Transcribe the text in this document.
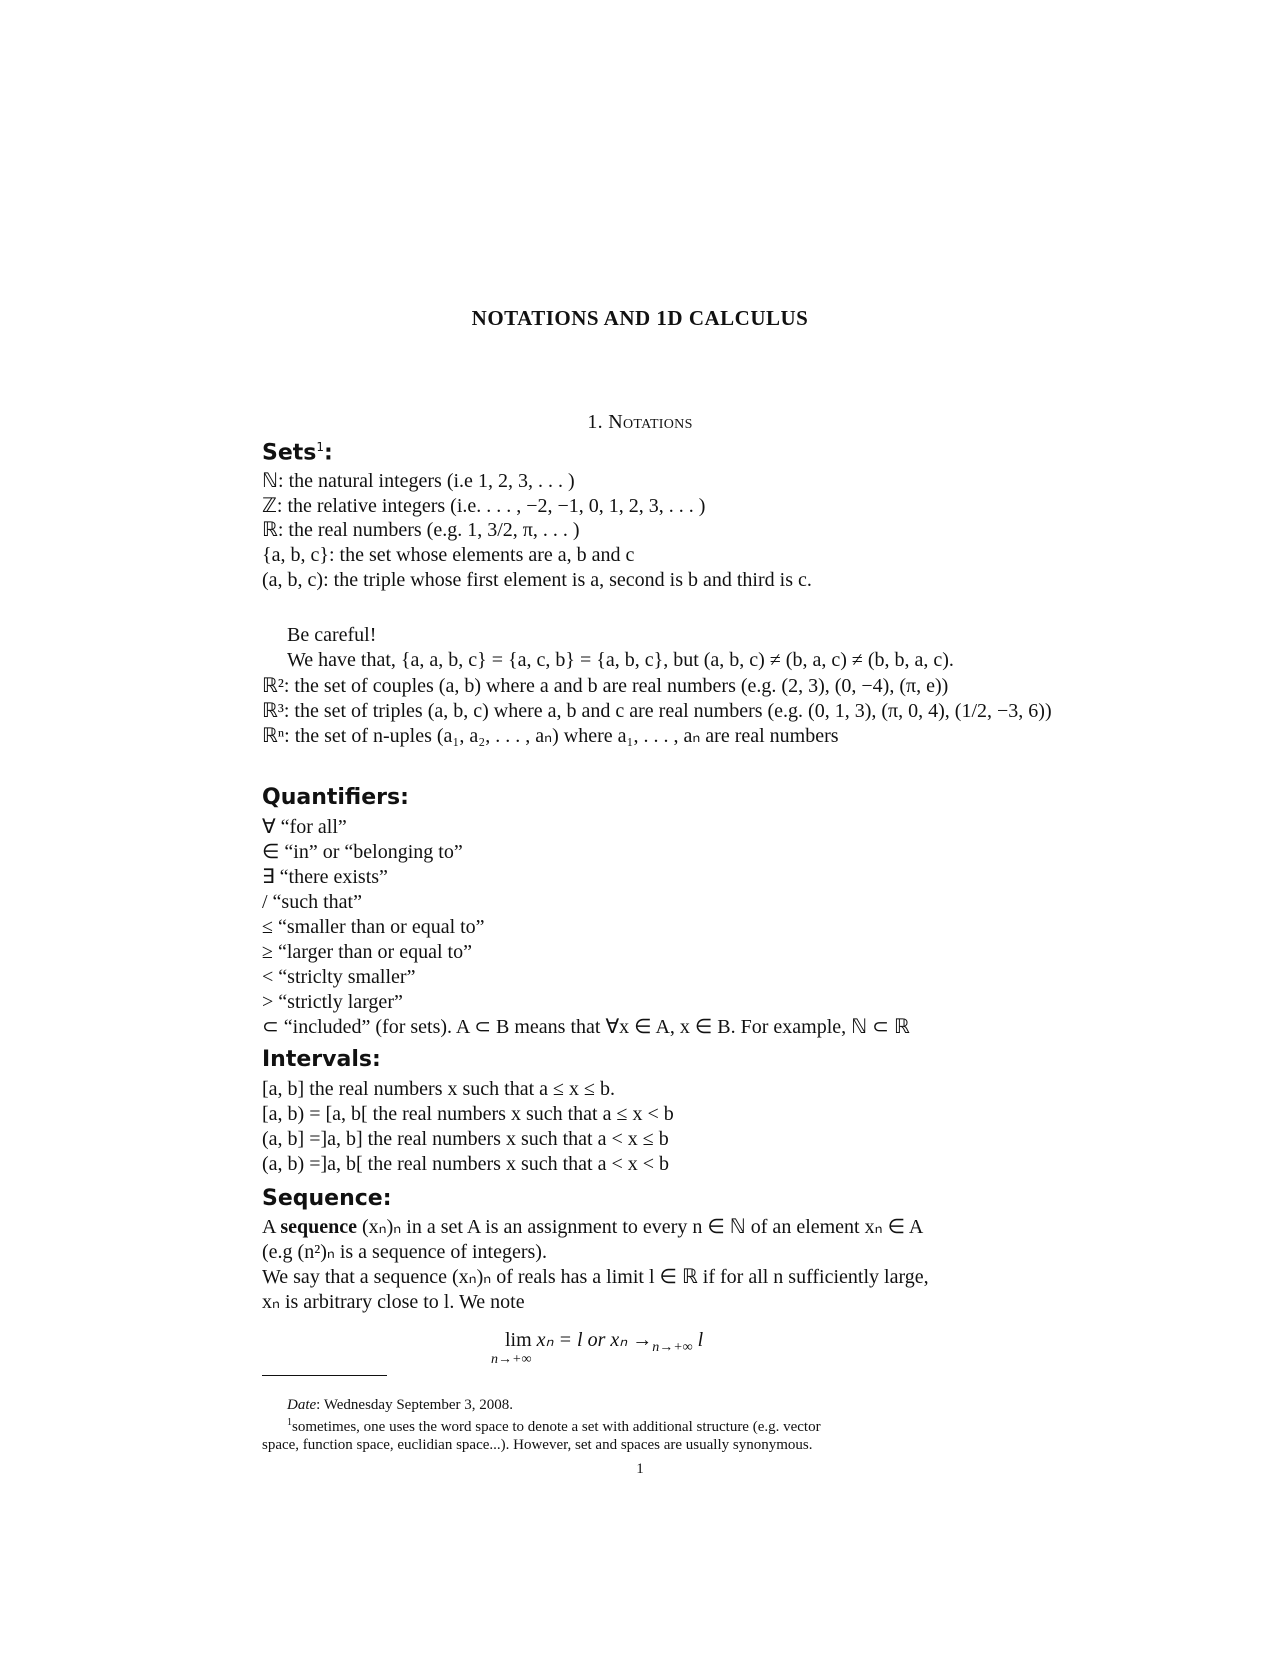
NOTATIONS AND 1D CALCULUS
1. Notations
Sets$^1$:
ℕ: the natural integers (i.e 1, 2, 3, . . . )
ℤ: the relative integers (i.e. . . . , −2, −1, 0, 1, 2, 3, . . . )
ℝ: the real numbers (e.g. 1, 3/2, π, . . . )
{a, b, c}: the set whose elements are a, b and c
(a, b, c): the triple whose first element is a, second is b and third is c.
Be careful!
We have that, {a, a, b, c} = {a, c, b} = {a, b, c}, but (a, b, c) ≠ (b, a, c) ≠ (b, b, a, c).
ℝ²: the set of couples (a, b) where a and b are real numbers (e.g. (2, 3), (0, −4), (π, e))
ℝ³: the set of triples (a, b, c) where a, b and c are real numbers (e.g. (0, 1, 3), (π, 0, 4), (1/2, −3, 6))
ℝⁿ: the set of n-uples (a₁, a₂, . . . , aₙ) where a₁, . . . , aₙ are real numbers
Quantifiers:
∀ “for all”
∈ “in” or “belonging to”
∃ “there exists”
/ “such that”
≤ “smaller than or equal to”
≥ “larger than or equal to”
< “striclty smaller”
> “strictly larger”
⊂ “included” (for sets). A ⊂ B means that ∀x ∈ A, x ∈ B. For example, ℕ ⊂ ℝ
Intervals:
[a, b] the real numbers x such that a ≤ x ≤ b.
[a, b) = [a, b[ the real numbers x such that a ≤ x < b
(a, b] =]a, b] the real numbers x such that a < x ≤ b
(a, b) =]a, b[ the real numbers x such that a < x < b
Sequence:
A sequence (xₙ)ₙ in a set A is an assignment to every n ∈ ℕ of an element xₙ ∈ A
(e.g (n²)ₙ is a sequence of integers).
We say that a sequence (xₙ)ₙ of reals has a limit l ∈ ℝ if for all n sufficiently large,
xₙ is arbitrary close to l. We note
lim
n→+∞
xₙ = l or $x_n \to_{n\to+\infty}$ l
Date: Wednesday September 3, 2008.
$^1$sometimes, one uses the word space to denote a set with additional structure (e.g. vector
space, function space, euclidian space...). However, set and spaces are usually synonymous.
1
